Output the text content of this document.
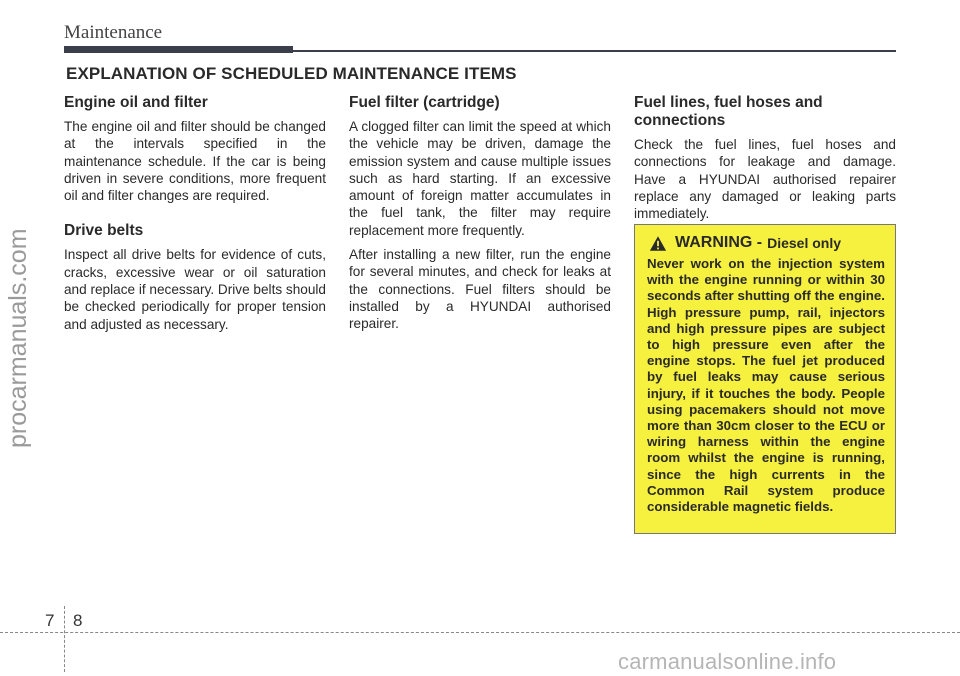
Maintenance
EXPLANATION OF SCHEDULED MAINTENANCE ITEMS
Engine oil and filter

The engine oil and filter should be changed at the intervals specified in the maintenance schedule. If the car is being driven in severe conditions, more frequent oil and filter changes are required.

Drive belts

Inspect all drive belts for evidence of cuts, cracks, excessive wear or oil saturation and replace if necessary. Drive belts should be checked periodically for proper tension and adjusted as necessary.

Fuel filter (cartridge)

A clogged filter can limit the speed at which the vehicle may be driven, damage the emission system and cause multiple issues such as hard starting. If an excessive amount of foreign matter accumulates in the fuel tank, the filter may require replacement more frequently.

After installing a new filter, run the engine for several minutes, and check for leaks at the connections. Fuel filters should be installed by a HYUNDAI authorised repairer.

Fuel lines, fuel hoses and connections

Check the fuel lines, fuel hoses and connections for leakage and damage. Have a HYUNDAI authorised repairer replace any damaged or leaking parts immediately.

WARNING - Diesel only

Never work on the injection system with the engine running or within 30 seconds after shutting off the engine. High pressure pump, rail, injectors and high pressure pipes are subject to high pressure even after the engine stops. The fuel jet produced by fuel leaks may cause serious injury, if it touches the body. People using pacemakers should not move more than 30cm closer to the ECU or wiring harness within the engine room whilst the engine is running, since the high currents in the Common Rail system produce considerable magnetic fields.

procarmanuals.com
7 8
carmanualsonline.info
